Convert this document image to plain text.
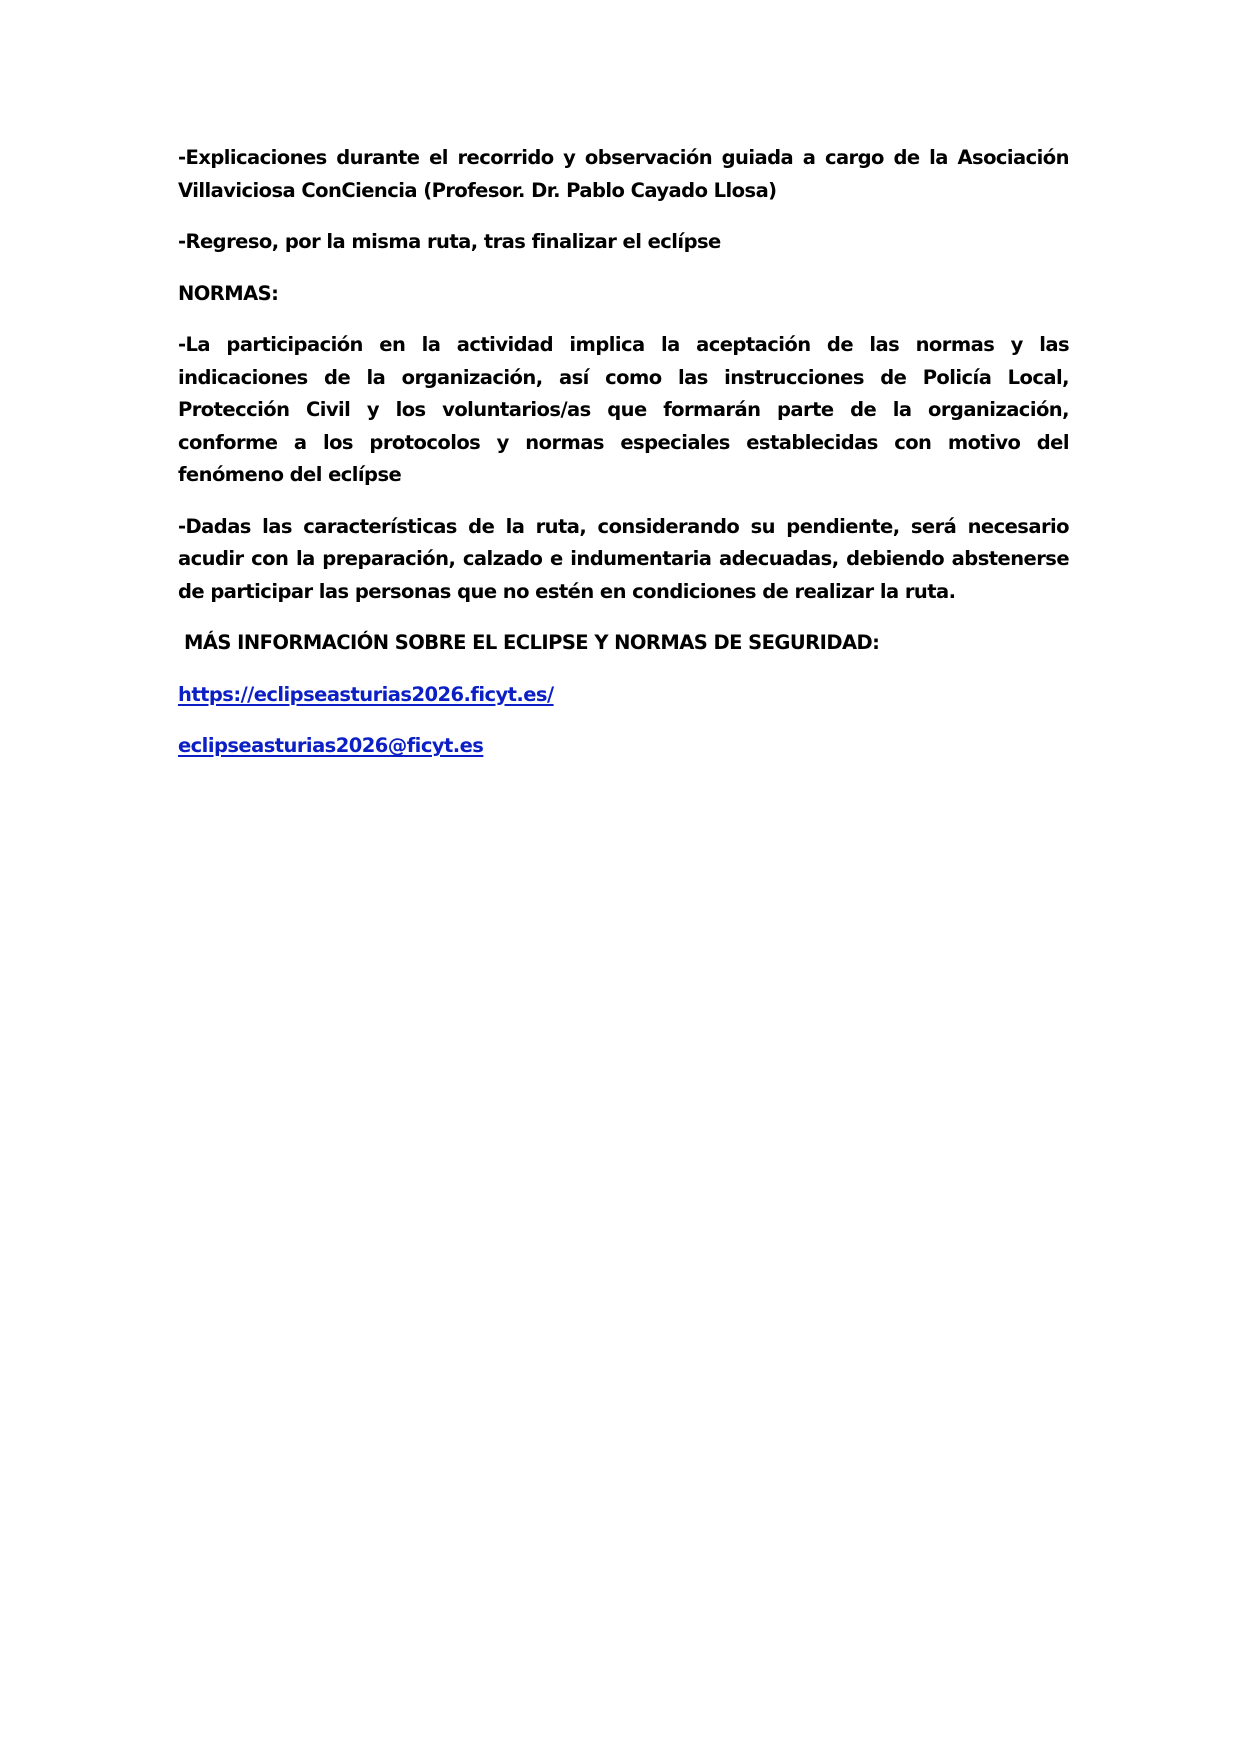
-Explicaciones durante el recorrido y observación guiada a cargo de la Asociación Villaviciosa ConCiencia (Profesor. Dr. Pablo Cayado Llosa)

-Regreso, por la misma ruta, tras finalizar el eclípse

NORMAS:

-La participación en la actividad implica la aceptación de las normas y las indicaciones de la organización, así como las instrucciones de Policía Local, Protección Civil y los voluntarios/as que formarán parte de la organización, conforme a los protocolos y normas especiales establecidas con motivo del fenómeno del eclípse

-Dadas las características de la ruta, considerando su pendiente, será necesario acudir con la preparación, calzado e indumentaria adecuadas, debiendo abstenerse de participar las personas que no estén en condiciones de realizar la ruta.

MÁS INFORMACIÓN SOBRE EL ECLIPSE Y NORMAS DE SEGURIDAD:

https://eclipseasturias2026.ficyt.es/

eclipseasturias2026@ficyt.es
